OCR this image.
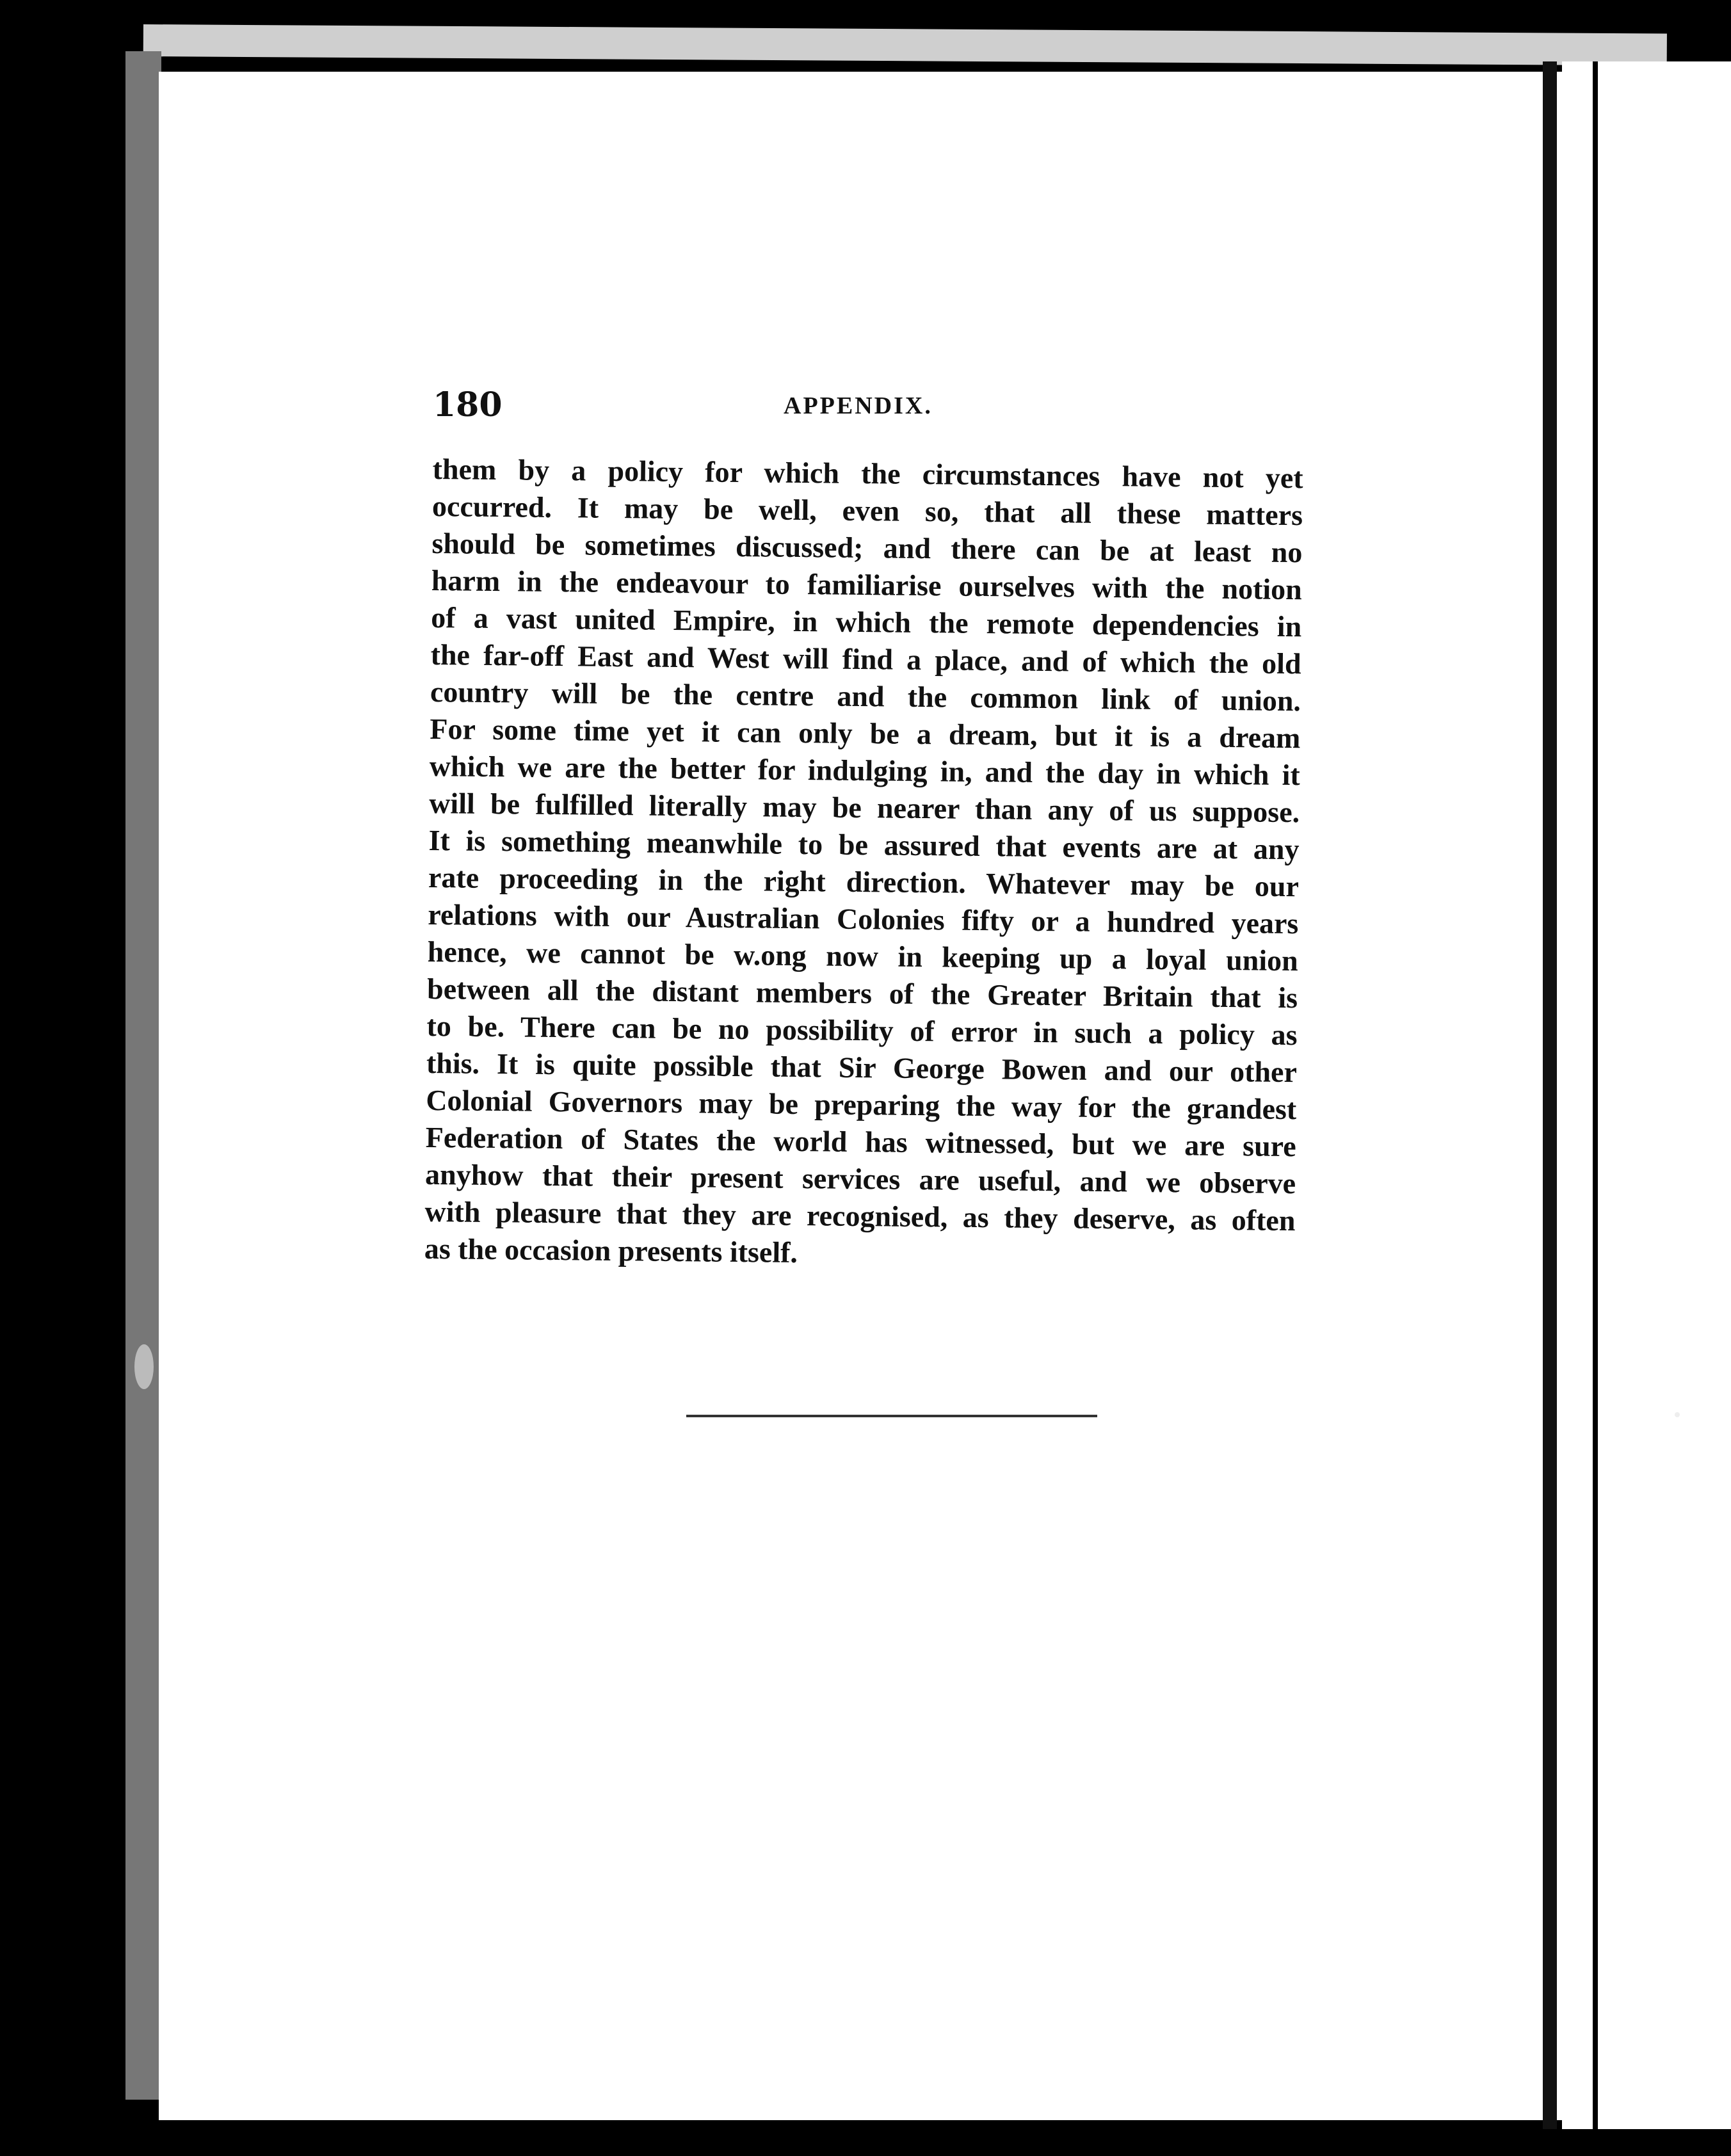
180	APPENDIX.
them by a policy for which the circumstances have not yet
occurred. It may be well, even so, that all these matters
should be sometimes discussed; and there can be at least no
harm in the endeavour to familiarise ourselves with the notion
of a vast united Empire, in which the remote dependencies in
the far-off East and West will find a place, and of which the old
country will be the centre and the common link of union.
For some time yet it can only be a dream, but it is a dream
which we are the better for indulging in, and the day in which it
will be fulfilled literally may be nearer than any of us suppose.
It is something meanwhile to be assured that events are at any
rate proceeding in the right direction. Whatever may be our
relations with our Australian Colonies fifty or a hundred years
hence, we cannot be w.ong now in keeping up a loyal union
between all the distant members of the Greater Britain that is
to be. There can be no possibility of error in such a policy as
this. It is quite possible that Sir George Bowen and our other
Colonial Governors may be preparing the way for the grandest
Federation of States the world has witnessed, but we are sure
anyhow that their present services are useful, and we observe
with pleasure that they are recognised, as they deserve, as often
as the occasion presents itself.
